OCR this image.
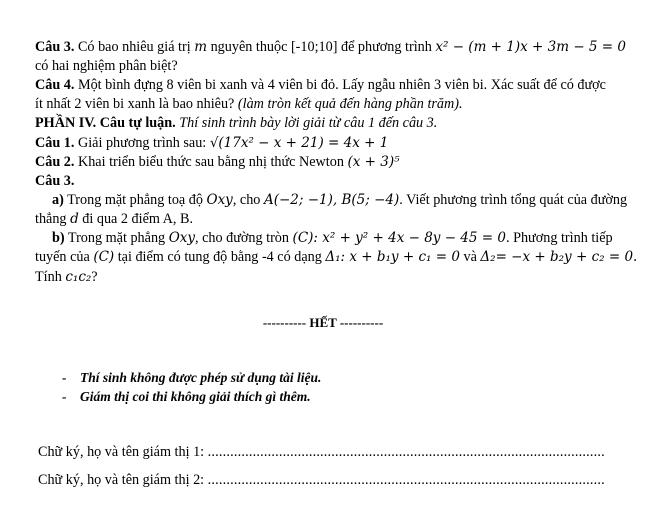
Câu 3. Có bao nhiêu giá trị m nguyên thuộc [-10;10] để phương trình x² − (m + 1)x + 3m − 5 = 0
có hai nghiệm phân biệt?
Câu 4. Một bình đựng 8 viên bi xanh và 4 viên bi đỏ. Lấy ngẫu nhiên 3 viên bi. Xác suất để có được
ít nhất 2 viên bi xanh là bao nhiêu? (làm tròn kết quả đến hàng phần trăm).
PHẦN IV. Câu tự luận. Thí sinh trình bày lời giải từ câu 1 đến câu 3.
Câu 1. Giải phương trình sau: √(17x² − x + 21) = 4x + 1
Câu 2. Khai triển biểu thức sau bằng nhị thức Newton (x + 3)⁵
Câu 3.
a) Trong mặt phẳng toạ độ Oxy, cho A(−2; −1), B(5; −4). Viết phương trình tổng quát của đường
thẳng d đi qua 2 điểm A, B.
b) Trong mặt phẳng Oxy, cho đường tròn (C): x² + y² + 4x − 8y − 45 = 0. Phương trình tiếp
tuyến của (C) tại điểm có tung độ bằng -4 có dạng Δ₁: x + b₁y + c₁ = 0 và Δ₂= −x + b₂y + c₂ = 0.
Tính c₁c₂?
---------- HẾT ----------
- Thí sinh không được phép sử dụng tài liệu.
- Giám thị coi thi không giải thích gì thêm.
Chữ ký, họ và tên giám thị 1: ..........................................................................................................
Chữ ký, họ và tên giám thị 2: ..........................................................................................................
